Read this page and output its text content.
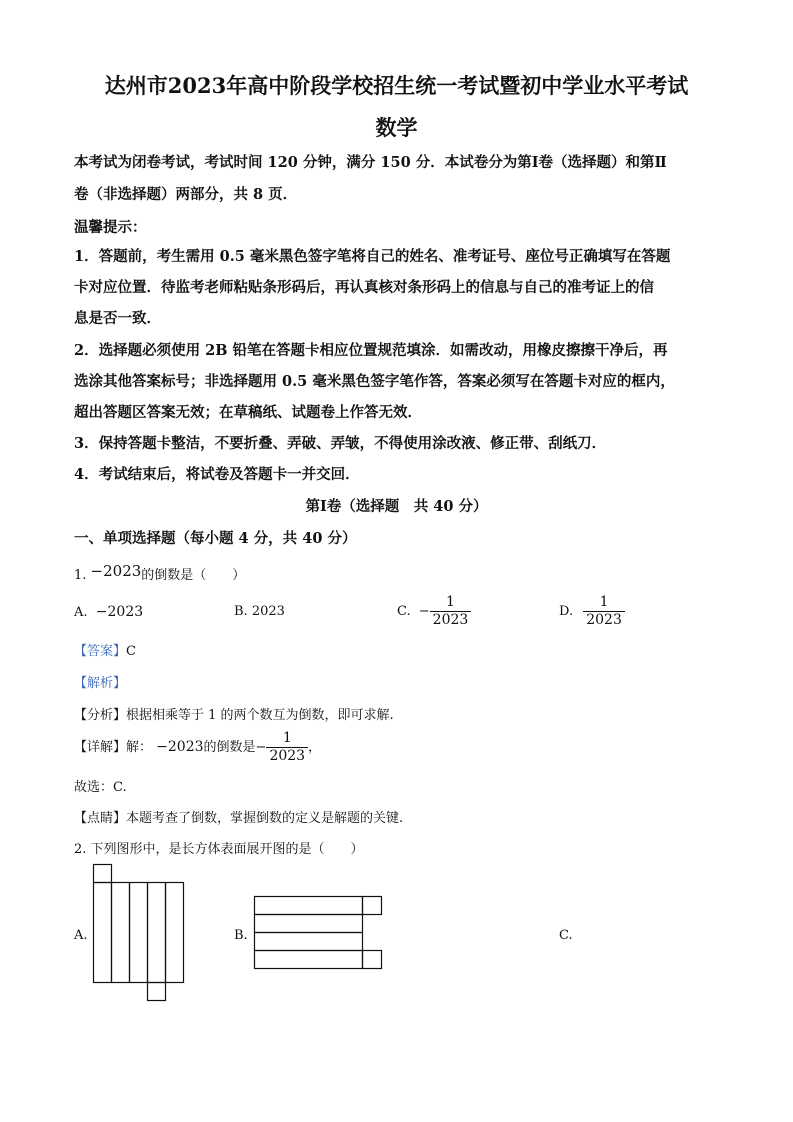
达州市2023年高中阶段学校招生统一考试暨初中学业水平考试
数学
本考试为闭卷考试，考试时间 120 分钟，满分 150 分．本试卷分为第Ⅰ卷（选择题）和第Ⅱ
卷（非选择题）两部分，共 8 页．
温馨提示：
1．答题前，考生需用 0.5 毫米黑色签字笔将自己的姓名、准考证号、座位号正确填写在答题
卡对应位置．待监考老师粘贴条形码后，再认真核对条形码上的信息与自己的准考证上的信
息是否一致．
2．选择题必须使用 2B 铅笔在答题卡相应位置规范填涂．如需改动，用橡皮擦擦干净后，再
选涂其他答案标号；非选择题用 0.5 毫米黑色签字笔作答，答案必须写在答题卡对应的框内，
超出答题区答案无效；在草稿纸、试题卷上作答无效．
3．保持答题卡整洁，不要折叠、弄破、弄皱，不得使用涂改液、修正带、刮纸刀．
4．考试结束后，将试卷及答题卡一并交回．
第Ⅰ卷（选择题　共 40 分）
一、单项选择题（每小题 4 分，共 40 分）
1. −2023的倒数是（　　）
A. −2023	B. 2023	C. − $\frac{1}{2023}$	D. $\frac{1}{2023}$
【答案】C
【解析】
【分析】根据相乘等于 1 的两个数互为倒数，即可求解.
【详解】解： −2023的倒数是− $\frac{1}{2023}$ ，
故选：C.
【点睛】本题考查了倒数，掌握倒数的定义是解题的关键.
2. 下列图形中，是长方体表面展开图的是（　　）
A.	B.	C.
